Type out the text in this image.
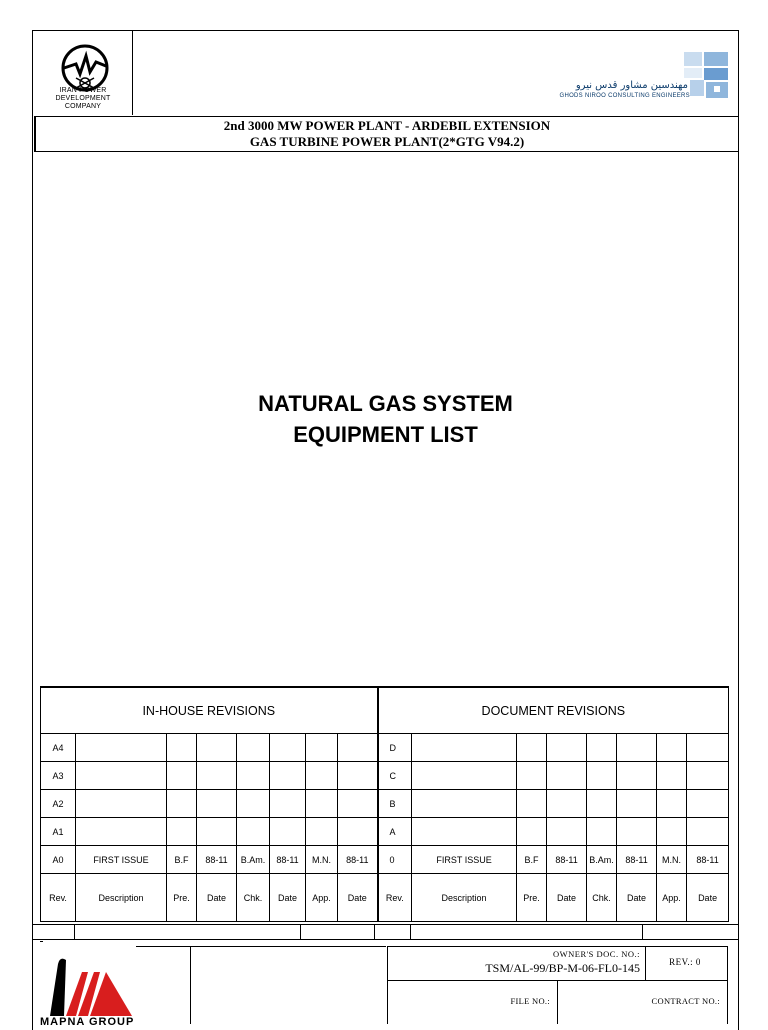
IRAN POWER
DEVELOPMENT
COMPANY
مهندسین مشاور قدس نیرو
GHODS NIROO CONSULTING ENGINEERS
2nd 3000 MW POWER PLANT - ARDEBIL EXTENSION
GAS TURBINE POWER PLANT(2*GTG V94.2)
NATURAL GAS SYSTEM
EQUIPMENT LIST
IN-HOUSE REVISIONS								DOCUMENT REVISIONS							
A4								D							
A3								C							
A2								B							
A1								A							
A0	FIRST ISSUE	B.F	88-11	B.Am.	88-11	M.N.	88-11	0	FIRST ISSUE	B.F	88-11	B.Am.	88-11	M.N.	88-11
Rev.	Description	Pre.	Date	Chk.	Date	App.	Date	Rev.	Description	Pre.	Date	Chk.	Date	App.	Date
MAPNA GROUP
OWNER'S DOC. NO.:
TSM/AL-99/BP-M-06-FL0-145	REV.: 0
FILE NO.:	CONTRACT NO.:
